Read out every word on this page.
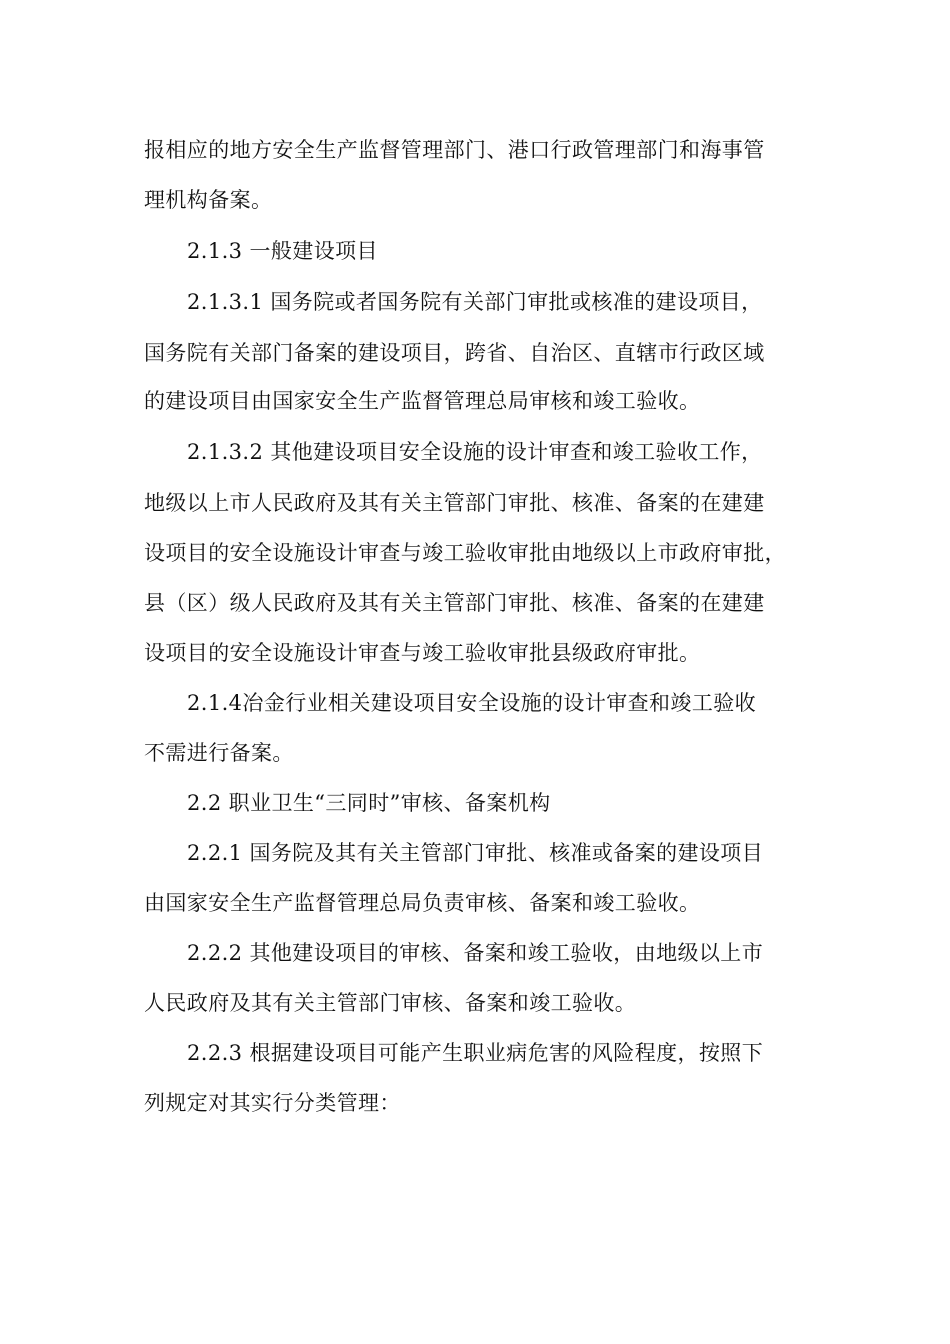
报相应的地方安全生产监督管理部门、港口行政管理部门和海事管
理机构备案。
2.1.3 一般建设项目
2.1.3.1 国务院或者国务院有关部门审批或核准的建设项目，
国务院有关部门备案的建设项目，跨省、自治区、直辖市行政区域
的建设项目由国家安全生产监督管理总局审核和竣工验收。
2.1.3.2 其他建设项目安全设施的设计审查和竣工验收工作，
地级以上市人民政府及其有关主管部门审批、核准、备案的在建建
设项目的安全设施设计审查与竣工验收审批由地级以上市政府审批，
县（区）级人民政府及其有关主管部门审批、核准、备案的在建建
设项目的安全设施设计审查与竣工验收审批县级政府审批。
2.1.4冶金行业相关建设项目安全设施的设计审查和竣工验收
不需进行备案。
2.2 职业卫生“三同时”审核、备案机构
2.2.1 国务院及其有关主管部门审批、核准或备案的建设项目
由国家安全生产监督管理总局负责审核、备案和竣工验收。
2.2.2 其他建设项目的审核、备案和竣工验收，由地级以上市
人民政府及其有关主管部门审核、备案和竣工验收。
2.2.3 根据建设项目可能产生职业病危害的风险程度，按照下
列规定对其实行分类管理：
